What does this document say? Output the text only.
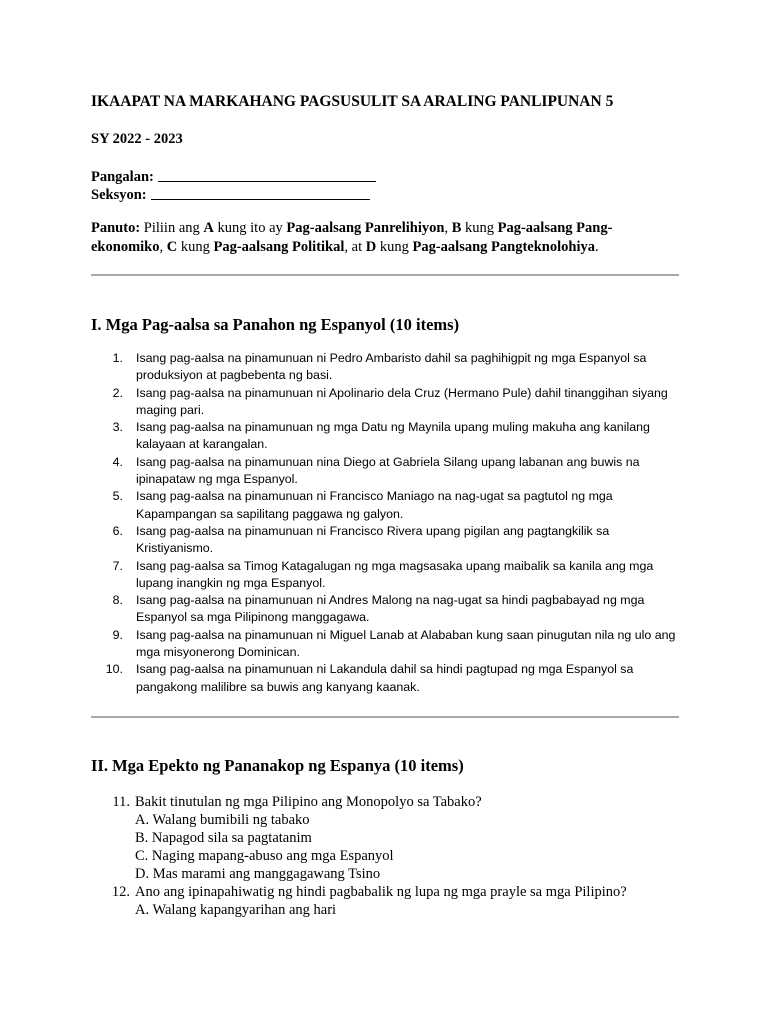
IKAAPAT NA MARKAHANG PAGSUSULIT SA ARALING PANLIPUNAN 5
SY 2022 - 2023
Pangalan:
Seksyon:
Panuto: Piliin ang A kung ito ay Pag-aalsang Panrelihiyon, B kung Pag-aalsang Pang-ekonomiko, C kung Pag-aalsang Politikal, at D kung Pag-aalsang Pangteknolohiya.
I. Mga Pag-aalsa sa Panahon ng Espanyol (10 items)
1. Isang pag-aalsa na pinamunuan ni Pedro Ambaristo dahil sa paghihigpit ng mga Espanyol sa produksiyon at pagbebenta ng basi.
2. Isang pag-aalsa na pinamunuan ni Apolinario dela Cruz (Hermano Pule) dahil tinanggihan siyang maging pari.
3. Isang pag-aalsa na pinamunuan ng mga Datu ng Maynila upang muling makuha ang kanilang kalayaan at karangalan.
4. Isang pag-aalsa na pinamunuan nina Diego at Gabriela Silang upang labanan ang buwis na ipinapataw ng mga Espanyol.
5. Isang pag-aalsa na pinamunuan ni Francisco Maniago na nag-ugat sa pagtutol ng mga Kapampangan sa sapilitang paggawa ng galyon.
6. Isang pag-aalsa na pinamunuan ni Francisco Rivera upang pigilan ang pagtangkilik sa Kristiyanismo.
7. Isang pag-aalsa sa Timog Katagalugan ng mga magsasaka upang maibalik sa kanila ang mga lupang inangkin ng mga Espanyol.
8. Isang pag-aalsa na pinamunuan ni Andres Malong na nag-ugat sa hindi pagbabayad ng mga Espanyol sa mga Pilipinong manggagawa.
9. Isang pag-aalsa na pinamunuan ni Miguel Lanab at Alababan kung saan pinugutan nila ng ulo ang mga misyonerong Dominican.
10. Isang pag-aalsa na pinamunuan ni Lakandula dahil sa hindi pagtupad ng mga Espanyol sa pangakong malilibre sa buwis ang kanyang kaanak.
II. Mga Epekto ng Pananakop ng Espanya (10 items)
11. Bakit tinutulan ng mga Pilipino ang Monopolyo sa Tabako?
A. Walang bumibili ng tabako
B. Napagod sila sa pagtatanim
C. Naging mapang-abuso ang mga Espanyol
D. Mas marami ang manggagawang Tsino
12. Ano ang ipinapahiwatig ng hindi pagbabalik ng lupa ng mga prayle sa mga Pilipino?
A. Walang kapangyarihan ang hari
